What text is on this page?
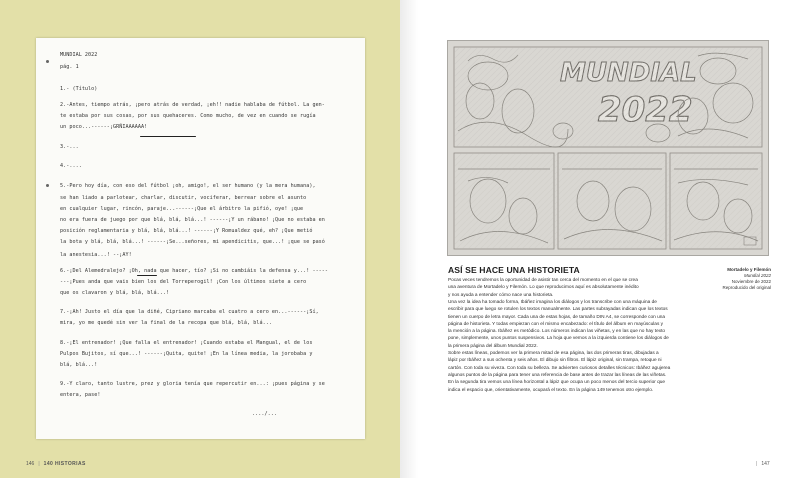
MUNDIAL 2022
pág. 1
1.- (Título)
2.-Antes, tiempo atrás, ¡pero atrás de verdad, ¡eh!! nadie hablaba de fútbol. La gen-
te estaba por sus cosas, por sus quehaceres. Como mucho, de vez en cuando se rugía
un poco...------¡GRÑIAAAAAA!
3.-...
4.-....
5.-Pero hoy día, con eso del fútbol ¡oh, amigo!, el ser humano (y la mera humana),
se han liado a parlotear, charlar, discutir, vociferar, berrear sobre el asunto
en cualquier lugar, rincón, paraje...------¡Que el árbitro la pifió, oye! ¡que
no era fuera de juego por que blá, blá, blá...! ------¡Y un rábano! ¡Que no estaba en
posición reglamentaria y blá, blá, blá...! ------¡Y Romualdez qué, eh? ¡Que metió
la bota y blá, blá, blá...! ------¡Se...señores, mi apendicitis, que...! ¡que se pasó
la anestesia...! --¡AY!
6.-¡Del Alemedralejo? ¡Oh, nada que hacer, tío? ¡Si no cambiáis la defensa y...! -----
---¡Pues anda que vais bien los del Torreperogil! ¡Con los últimos siete a cero
que os clavaron y blá, blá, blá...!
7.-¡Ah! Justo el día que la diñé, Cipriano marcaba el cuatro a cero en...------¡Sí,
mira, yo me quedé sin ver la final de la recopa que blá, blá, blá...
8.-¡El entrenador! ¡Que falla el entrenador! ¡Cuando estaba el Mangual, el de los
Pulpos Bujitos, sí que...! ------¡Quita, quite! ¡En la línea media, la jorobaba y
blá, blá...!
9.-Y claro, tanto lustre, prez y gloria tenía que repercutir en...: ¡pues página y se
entera, pase!
..../...
146 | 140 HISTORIAS
MUNDIAL
2022
ASÍ SE HACE UNA HISTORIETA
Pocas veces tendremos la oportunidad de asistir tan cerca del momento en el que se crea
una aventura de Mortadelo y Filemón. Lo que reproducimos aquí es absolutamente inédito
y nos ayuda a entender cómo nace una historieta.
Una vez la idea ha tomado forma, Ibáñez imagina los diálogos y los transcribe con una máquina de
escribir para que luego se rotulen los textos manualmente. Las partes subrayadas indican que los textos
tienen un cuerpo de letra mayor. Cada una de estas hojas, de tamaño DIN A4, se corresponde con una
página de historieta. Y todas empiezan con el mismo encabezado: el título del álbum en mayúsculas y
la mención a la página. Ibáñez es metódico. Los números indican las viñetas, y en las que no hay texto
pone, simplemente, unos puntos suspensivos. La hoja que vemos a la izquierda contiene los diálogos de
la primera página del álbum Mundial 2022.
Sobre estas líneas, podemos ver la primera mitad de esa página, las dos primeras tiras, dibujadas a
lápiz por Ibáñez a sus ochenta y seis años. El dibujo sin filtros. El lápiz original, sin trampa, retoque ni
cartón. Con toda su viveza. Con toda su belleza. Se advierten curiosos detalles técnicos: Ibáñez agujerea
algunos puntos de la página para tener una referencia de base antes de trazar las líneas de las viñetas.
En la segunda tira vemos una línea horizontal a lápiz que ocupa un poco menos del tercio superior que
indica el espacio que, orientativamente, ocupará el texto. En la página 149 tenemos otro ejemplo.
Mortadelo y Filemón
Mundial 2022
Noviembre de 2022
Reproducido del original
| 147
